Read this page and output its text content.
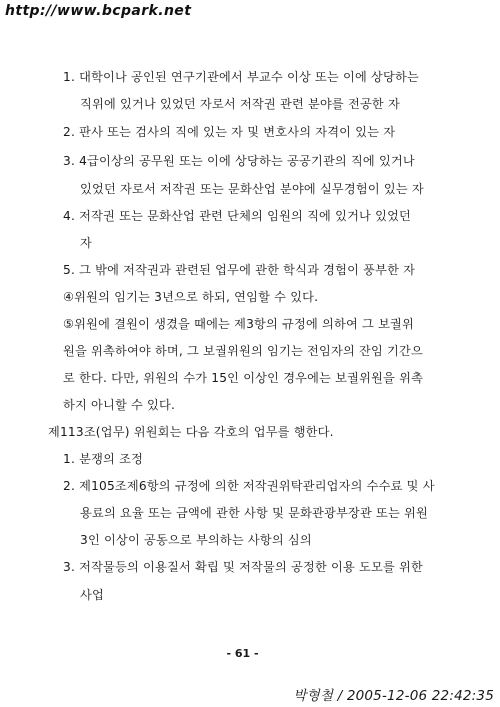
http://www.bcpark.net
1. 대학이나 공인된 연구기관에서 부교수 이상 또는 이에 상당하는
직위에 있거나 있었던 자로서 저작권 관련 분야를 전공한 자
2. 판사 또는 검사의 직에 있는 자 및 변호사의 자격이 있는 자
3. 4급이상의 공무원 또는 이에 상당하는 공공기관의 직에 있거나
있었던 자로서 저작권 또는 문화산업 분야에 실무경험이 있는 자
4. 저작권 또는 문화산업 관련 단체의 임원의 직에 있거나 있었던
자
5. 그 밖에 저작권과 관련된 업무에 관한 학식과 경험이 풍부한 자
④위원의 임기는 3년으로 하되, 연임할 수 있다.
⑤위원에 결원이 생겼을 때에는 제3항의 규정에 의하여 그 보궐위
원을 위촉하여야 하며, 그 보궐위원의 임기는 전임자의 잔임 기간으
로 한다. 다만, 위원의 수가 15인 이상인 경우에는 보궐위원을 위촉
하지 아니할 수 있다.
제113조(업무) 위원회는 다음 각호의 업무를 행한다.
1. 분쟁의 조정
2. 제105조제6항의 규정에 의한 저작권위탁관리업자의 수수료 및 사
용료의 요율 또는 금액에 관한 사항 및 문화관광부장관 또는 위원
3인 이상이 공동으로 부의하는 사항의 심의
3. 저작물등의 이용질서 확립 및 저작물의 공정한 이용 도모를 위한
사업
- 61 -
박형철 / 2005-12-06 22:42:35
